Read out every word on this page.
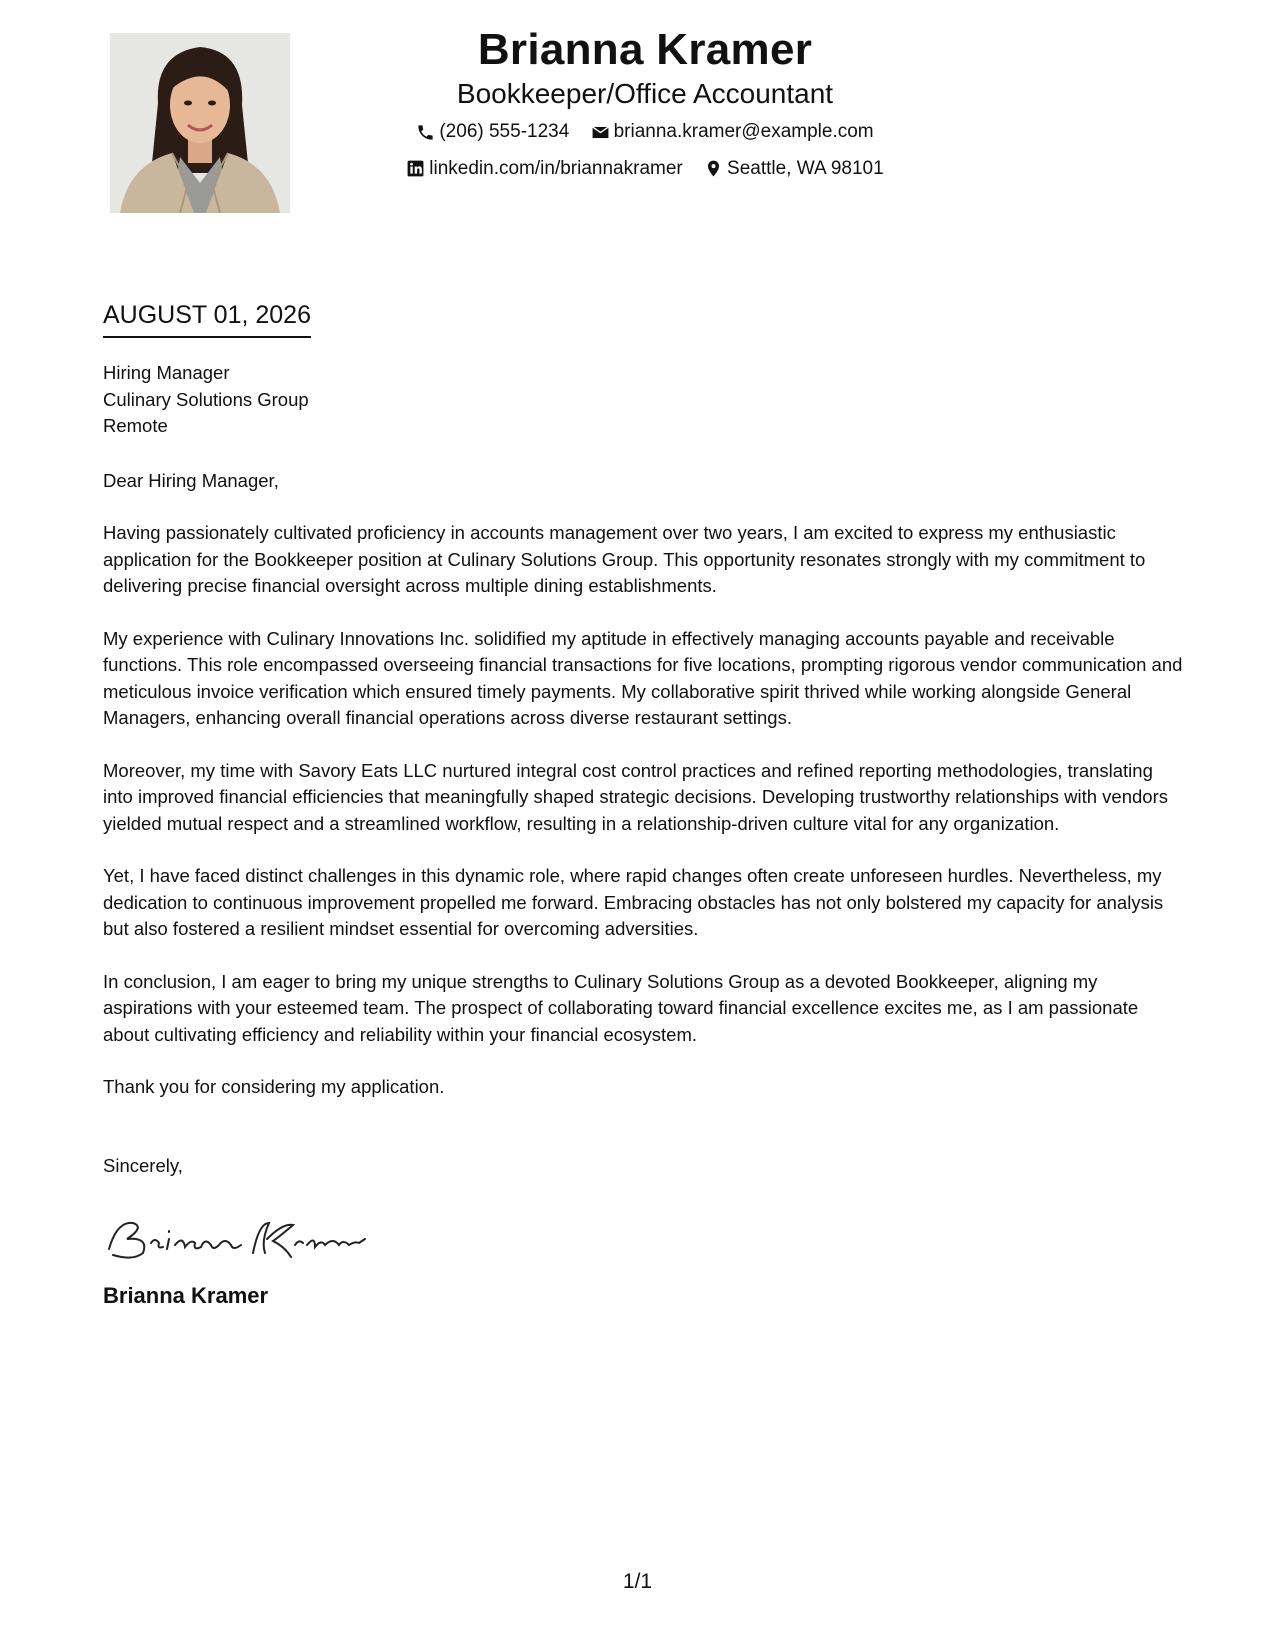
Brianna Kramer
Bookkeeper/Office Accountant
(206) 555-1234
brianna.kramer@example.com
linkedin.com/in/briannakramer
Seattle, WA 98101
AUGUST 01, 2026
Hiring Manager
Culinary Solutions Group
Remote
Dear Hiring Manager,

Having passionately cultivated proficiency in accounts management over two years, I am excited to express my enthusiastic application for the Bookkeeper position at Culinary Solutions Group. This opportunity resonates strongly with my commitment to delivering precise financial oversight across multiple dining establishments.

My experience with Culinary Innovations Inc. solidified my aptitude in effectively managing accounts payable and receivable functions. This role encompassed overseeing financial transactions for five locations, prompting rigorous vendor communication and meticulous invoice verification which ensured timely payments. My collaborative spirit thrived while working alongside General Managers, enhancing overall financial operations across diverse restaurant settings.

Moreover, my time with Savory Eats LLC nurtured integral cost control practices and refined reporting methodologies, translating into improved financial efficiencies that meaningfully shaped strategic decisions. Developing trustworthy relationships with vendors yielded mutual respect and a streamlined workflow, resulting in a relationship-driven culture vital for any organization.

Yet, I have faced distinct challenges in this dynamic role, where rapid changes often create unforeseen hurdles. Nevertheless, my dedication to continuous improvement propelled me forward. Embracing obstacles has not only bolstered my capacity for analysis but also fostered a resilient mindset essential for overcoming adversities.

In conclusion, I am eager to bring my unique strengths to Culinary Solutions Group as a devoted Bookkeeper, aligning my aspirations with your esteemed team. The prospect of collaborating toward financial excellence excites me, as I am passionate about cultivating efficiency and reliability within your financial ecosystem.

Thank you for considering my application.

Sincerely,
Brianna Kramer
1/1
